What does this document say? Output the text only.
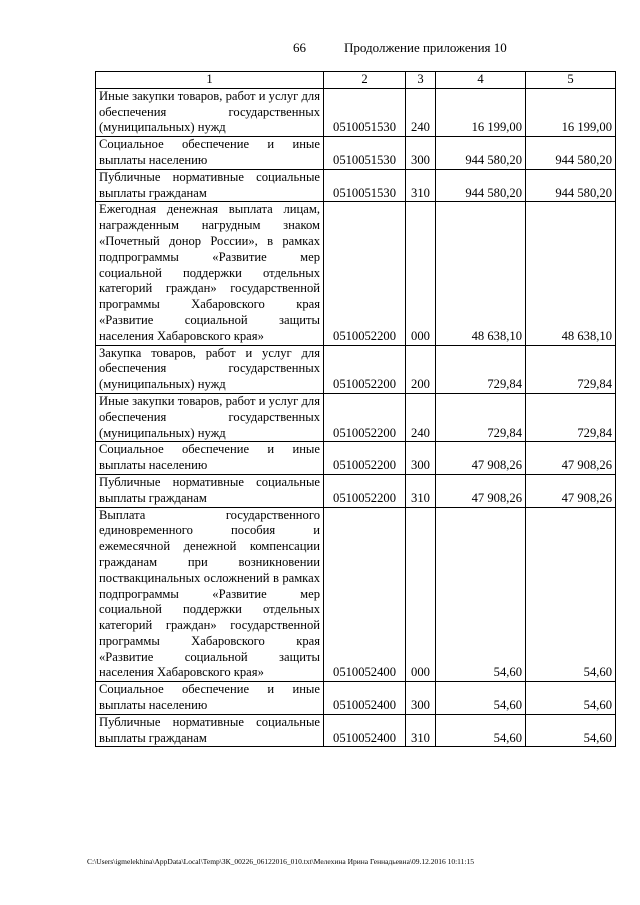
66	Продолжение приложения 10
1	2	3	4	5
Иные закупки товаров, работ и услуг для обеспечения государственных (муниципальных) нужд	0510051530	240	16 199,00	16 199,00
Социальное обеспечение и иные выплаты населению	0510051530	300	944 580,20	944 580,20
Публичные нормативные социальные выплаты гражданам	0510051530	310	944 580,20	944 580,20
Ежегодная денежная выплата лицам, награжденным нагрудным знаком «Почетный донор России», в рамках подпрограммы «Развитие мер социальной поддержки отдельных категорий граждан» государственной программы Хабаровского края «Развитие социальной защиты населения Хабаровского края»	0510052200	000	48 638,10	48 638,10
Закупка товаров, работ и услуг для обеспечения государственных (муниципальных) нужд	0510052200	200	729,84	729,84
Иные закупки товаров, работ и услуг для обеспечения государственных (муниципальных) нужд	0510052200	240	729,84	729,84
Социальное обеспечение и иные выплаты населению	0510052200	300	47 908,26	47 908,26
Публичные нормативные социальные выплаты гражданам	0510052200	310	47 908,26	47 908,26
Выплата государственного единовременного пособия и ежемесячной денежной компенсации гражданам при возникновении поствакцинальных осложнений в рамках подпрограммы «Развитие мер социальной поддержки отдельных категорий граждан» государственной программы Хабаровского края «Развитие социальной защиты населения Хабаровского края»	0510052400	000	54,60	54,60
Социальное обеспечение и иные выплаты населению	0510052400	300	54,60	54,60
Публичные нормативные социальные выплаты гражданам	0510052400	310	54,60	54,60
C:\Users\igmelekhina\AppData\Local\Temp\ЗК_00226_06122016_010.txt\Мелехина Ирина Геннадьевна\09.12.2016 10:11:15
